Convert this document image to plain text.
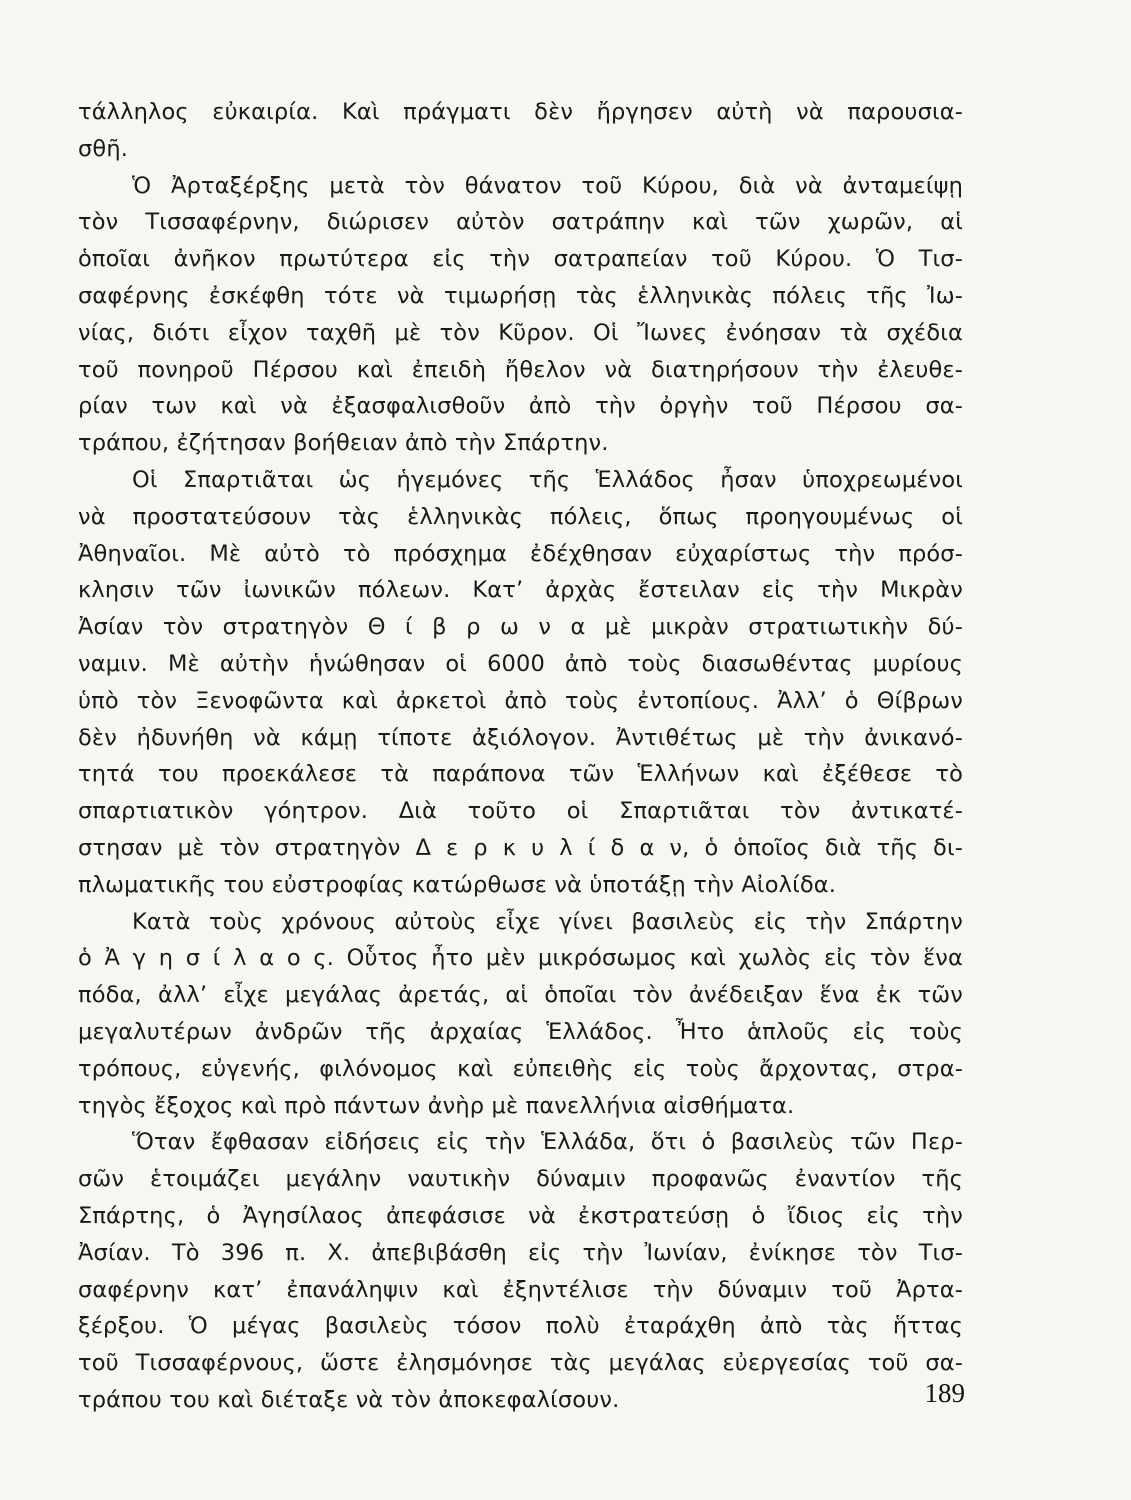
τάλληλος εὐκαιρία. Καὶ πράγματι δὲν ἤργησεν αὐτὴ νὰ παρουσια-
σθῆ.
Ὁ Ἀρταξέρξης μετὰ τὸν θάνατον τοῦ Κύρου, διὰ νὰ ἀνταμείψῃ
τὸν Τισσαφέρνην, διώρισεν αὐτὸν σατράπην καὶ τῶν χωρῶν, αἱ
ὁποῖαι ἀνῆκον πρωτύτερα εἰς τὴν σατραπείαν τοῦ Κύρου. Ὁ Τισ-
σαφέρνης ἐσκέφθη τότε νὰ τιμωρήσῃ τὰς ἑλληνικὰς πόλεις τῆς Ἰω-
νίας, διότι εἶχον ταχθῆ μὲ τὸν Κῦρον. Οἱ Ἴωνες ἐνόησαν τὰ σχέδια
τοῦ πονηροῦ Πέρσου καὶ ἐπειδὴ ἤθελον νὰ διατηρήσουν τὴν ἐλευθε-
ρίαν των καὶ νὰ ἐξασφαλισθοῦν ἀπὸ τὴν ὀργὴν τοῦ Πέρσου σα-
τράπου, ἐζήτησαν βοήθειαν ἀπὸ τὴν Σπάρτην.
Οἱ Σπαρτιᾶται ὡς ἡγεμόνες τῆς Ἑλλάδος ἦσαν ὑποχρεωμένοι
νὰ προστατεύσουν τὰς ἑλληνικὰς πόλεις, ὅπως προηγουμένως οἱ
Ἀθηναῖοι. Μὲ αὐτὸ τὸ πρόσχημα ἐδέχθησαν εὐχαρίστως τὴν πρόσ-
κλησιν τῶν ἰωνικῶν πόλεων. Κατ’ ἀρχὰς ἔστειλαν εἰς τὴν Μικρὰν
Ἀσίαν τὸν στρατηγὸν Θ ί β ρ ω ν α μὲ μικρὰν στρατιωτικὴν δύ-
ναμιν. Μὲ αὐτὴν ἡνώθησαν οἱ 6000 ἀπὸ τοὺς διασωθέντας μυρίους
ὑπὸ τὸν Ξενοφῶντα καὶ ἀρκετοὶ ἀπὸ τοὺς ἐντοπίους. Ἀλλ’ ὁ Θίβρων
δὲν ἠδυνήθη νὰ κάμῃ τίποτε ἀξιόλογον. Ἀντιθέτως μὲ τὴν ἀνικανό-
τητά του προεκάλεσε τὰ παράπονα τῶν Ἑλλήνων καὶ ἐξέθεσε τὸ
σπαρτιατικὸν γόητρον. Διὰ τοῦτο οἱ Σπαρτιᾶται τὸν ἀντικατέ-
στησαν μὲ τὸν στρατηγὸν Δ ε ρ κ υ λ ί δ α ν, ὁ ὁποῖος διὰ τῆς δι-
πλωματικῆς του εὐστροφίας κατώρθωσε νὰ ὑποτάξῃ τὴν Αἰολίδα.
Κατὰ τοὺς χρόνους αὐτοὺς εἶχε γίνει βασιλεὺς εἰς τὴν Σπάρτην
ὁ Ἀ γ η σ ί λ α ο ς. Οὗτος ἦτο μὲν μικρόσωμος καὶ χωλὸς εἰς τὸν ἕνα
πόδα, ἀλλ’ εἶχε μεγάλας ἀρετάς, αἱ ὁποῖαι τὸν ἀνέδειξαν ἕνα ἐκ τῶν
μεγαλυτέρων ἀνδρῶν τῆς ἀρχαίας Ἑλλάδος. Ἦτο ἁπλοῦς εἰς τοὺς
τρόπους, εὐγενής, φιλόνομος καὶ εὐπειθὴς εἰς τοὺς ἄρχοντας, στρα-
τηγὸς ἔξοχος καὶ πρὸ πάντων ἀνὴρ μὲ πανελλήνια αἰσθήματα.
Ὅταν ἔφθασαν εἰδήσεις εἰς τὴν Ἑλλάδα, ὅτι ὁ βασιλεὺς τῶν Περ-
σῶν ἑτοιμάζει μεγάλην ναυτικὴν δύναμιν προφανῶς ἐναντίον τῆς
Σπάρτης, ὁ Ἀγησίλαος ἀπεφάσισε νὰ ἐκστρατεύσῃ ὁ ἴδιος εἰς τὴν
Ἀσίαν. Τὸ 396 π. Χ. ἀπεβιβάσθη εἰς τὴν Ἰωνίαν, ἐνίκησε τὸν Τισ-
σαφέρνην κατ’ ἐπανάληψιν καὶ ἐξηντέλισε τὴν δύναμιν τοῦ Ἀρτα-
ξέρξου. Ὁ μέγας βασιλεὺς τόσον πολὺ ἐταράχθη ἀπὸ τὰς ἥττας
τοῦ Τισσαφέρνους, ὥστε ἐλησμόνησε τὰς μεγάλας εὐεργεσίας τοῦ σα-
τράπου του καὶ διέταξε νὰ τὸν ἀποκεφαλίσουν.	189
